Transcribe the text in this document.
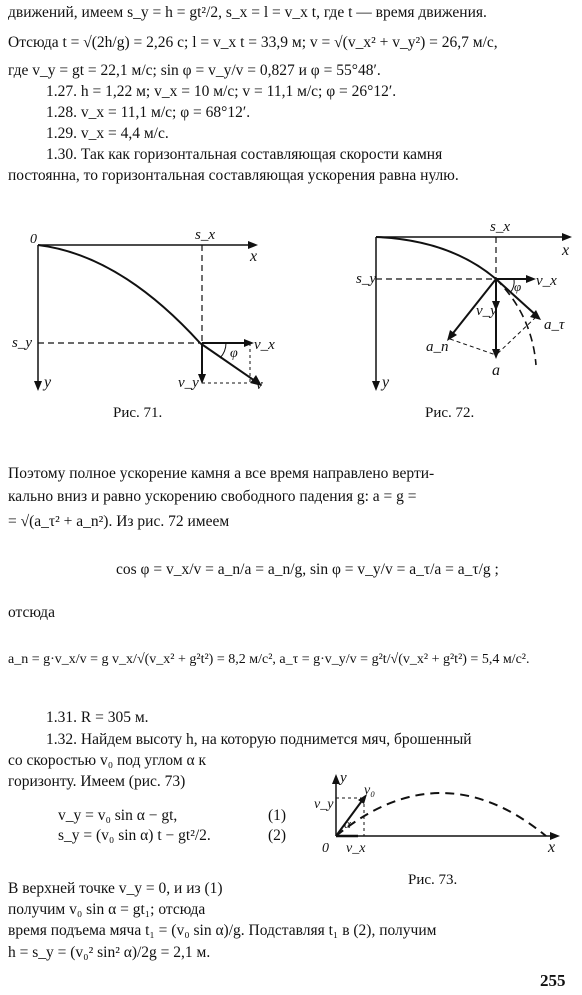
движений, имеем s_y = h = gt²/2, s_x = l = v_x t, где t — время движения.
Отсюда t = √(2h/g) = 2,26 с; l = v_x t = 33,9 м; v = √(v_x² + v_y²) = 26,7 м/с,
где v_y = gt = 22,1 м/с; sin φ = v_y/v = 0,827 и φ = 55°48′.
1.27. h = 1,22 м; v_x = 10 м/с; v = 11,1 м/с; φ = 26°12′.
1.28. v_x = 11,1 м/с; φ = 68°12′.
1.29. v_x = 4,4 м/с.
1.30. Так как горизонтальная составляющая скорости камня
постоянна, то горизонтальная составляющая ускорения равна нулю.
0	s_x
x
s_y
y
φ
v_x
v_y	v
Рис. 71.
s_x
x
s_y
y
φ v_x
v_y
a_τ
a_n
a
Рис. 72.
Поэтому полное ускорение камня a все время направлено верти-
кально вниз и равно ускорению свободного падения g: a = g =
= √(a_τ² + a_n²). Из рис. 72 имеем
cos φ = v_x/v = a_n/a = a_n/g, sin φ = v_y/v = a_τ/a = a_τ/g ;
отсюда
a_n = g·v_x/v = g v_x/√(v_x² + g²t²) = 8,2 м/с², a_τ = g·v_y/v = g²t/√(v_x² + g²t²) = 5,4 м/с².
1.31. R = 305 м.
1.32. Найдем высоту h, на которую поднимется мяч, брошенный
со скоростью v₀ под углом α к
горизонту. Имеем (рис. 73)
v_y = v₀ sin α − gt,	(1)
s_y = (v₀ sin α) t − gt²/2.	(2)
y
v₀
v_y
α
0 v_x	x
Рис. 73.
В верхней точке v_y = 0, и из (1)
получим v₀ sin α = gt₁; отсюда
время подъема мяча t₁ = (v₀ sin α)/g. Подставляя t₁ в (2), получим
h = s_y = (v₀² sin² α)/2g = 2,1 м.
255
